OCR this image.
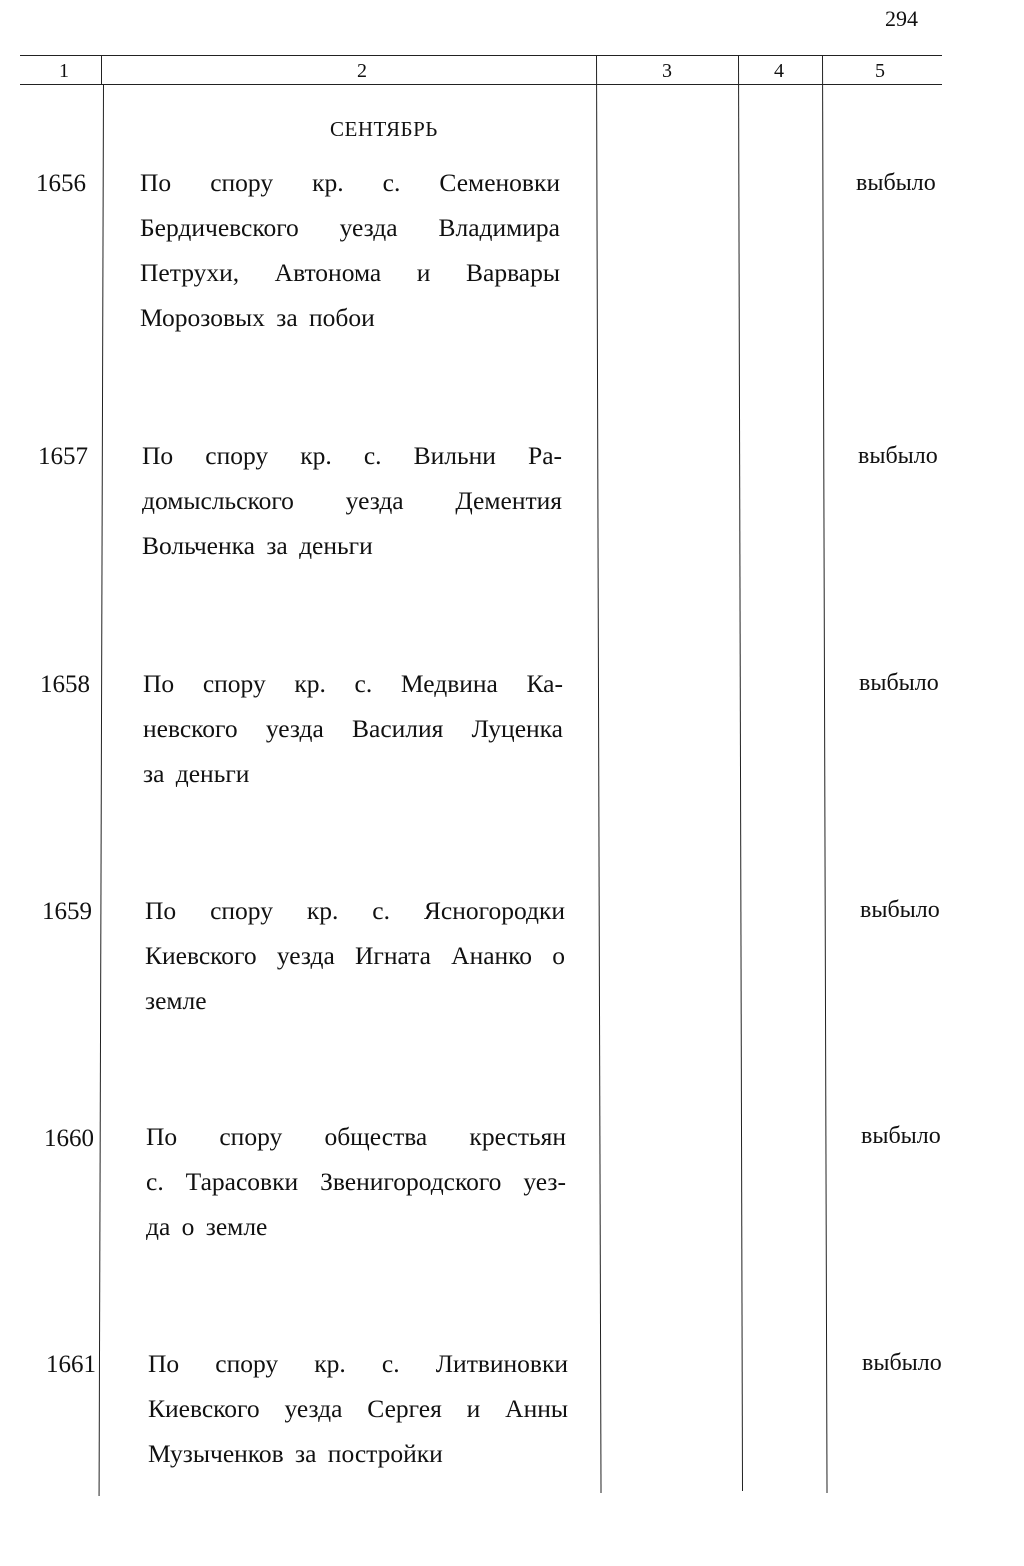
294
1	2	3	4	5
СЕНТЯБРЬ
1656 По спору кр. с. Семеновки
Бердичевского уезда Владимира
Петрухи, Автонома и Варвары
Морозовых за побои
выбыло
1657 По спору кр. с. Вильни Ра-
домысльского уезда Дементия
Вольченка за деньги
выбыло
1658 По спору кр. с. Медвина Ка-
невского уезда Василия Луценка
за деньги
выбыло
1659 По спору кр. с. Ясногородки
Киевского уезда Игната Ананко о
земле
выбыло
1660 По спору общества крестьян
с. Тарасовки Звенигородского уез-
да о земле
выбыло
1661 По спору кр. с. Литвиновки
Киевского уезда Сергея и Анны
Музыченков за постройки
выбыло
